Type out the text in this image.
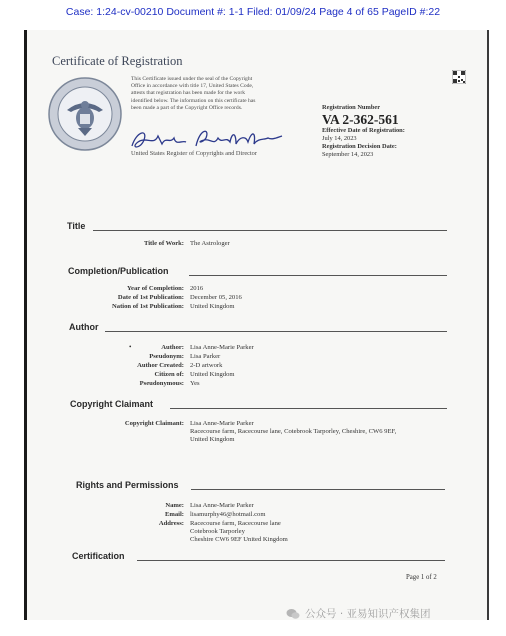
Case: 1:24-cv-00210 Document #: 1-1 Filed: 01/09/24 Page 4 of 65 PageID #:22
Certificate of Registration
This Certificate issued under the seal of the Copyright
Office in accordance with title 17, United States Code,
attests that registration has been made for the work
identified below. The information on this certificate has
been made a part of the Copyright Office records.
United States Register of Copyrights and Director
Registration Number
VA 2-362-561
Effective Date of Registration:
July 14, 2023
Registration Decision Date:
September 14, 2023
Title
Title of Work: The Astrologer
Completion/Publication
Year of Completion: 2016
Date of 1st Publication: December 05, 2016
Nation of 1st Publication: United Kingdom
Author
•	Author: Lisa Anne-Marie Parker
Pseudonym: Lisa Parker
Author Created: 2-D artwork
Citizen of: United Kingdom
Pseudonymous: Yes
Copyright Claimant
Copyright Claimant: Lisa Anne-Marie Parker
Racecourse farm, Racecourse lane, Cotebrook Tarporley, Cheshire, CW6 9EF,
United Kingdom
Rights and Permissions
Name: Lisa Anne-Marie Parker
Email: lisamurphy46@hotmail.com
Address: Racecourse farm, Racecourse lane
Cotebrook Tarporley
Cheshire CW6 9EF United Kingdom
Certification
Page 1 of 2
公众号 · 亚易知识产权集团
